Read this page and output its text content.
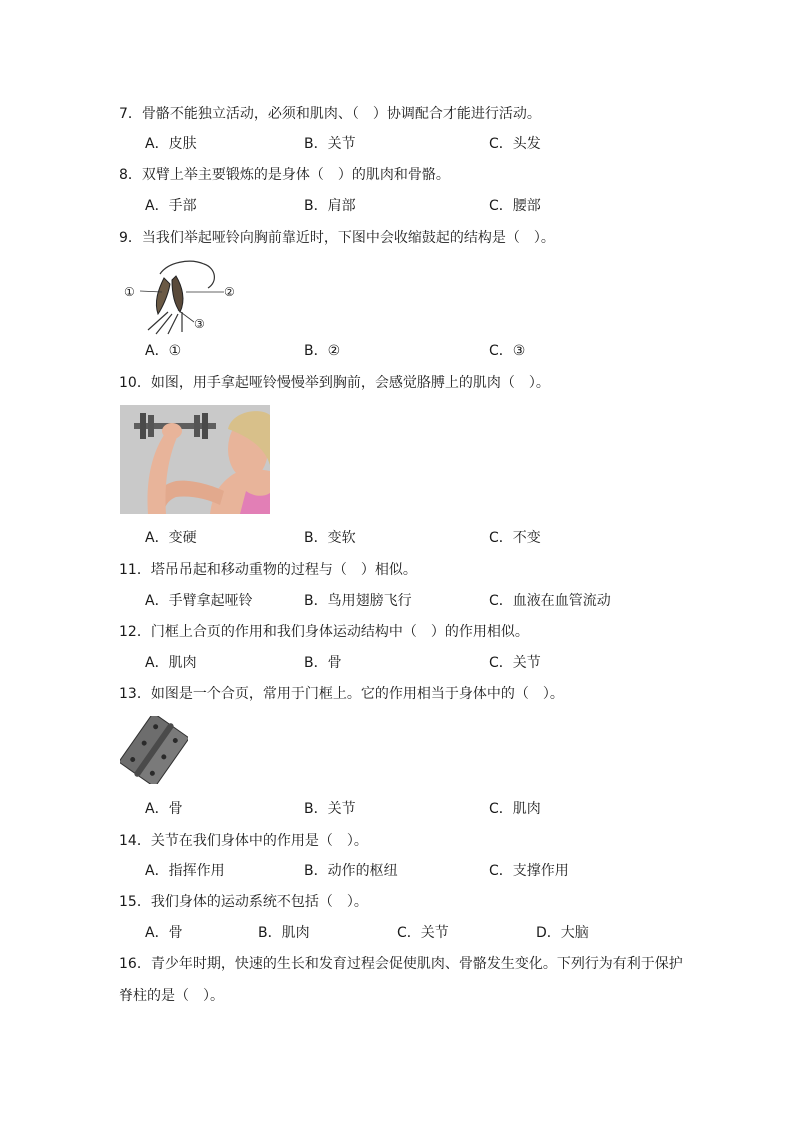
7．骨骼不能独立活动，必须和肌肉、（　）协调配合才能进行活动。
A．皮肤	B．关节	C．头发
8．双臂上举主要锻炼的是身体（　）的肌肉和骨骼。
A．手部	B．肩部	C．腰部
9．当我们举起哑铃向胸前靠近时，下图中会收缩鼓起的结构是（　）。
①	②
③
A．①	B．②	C．③
10．如图，用手拿起哑铃慢慢举到胸前，会感觉胳膊上的肌肉（　）。
A．变硬	B．变软	C．不变
11．塔吊吊起和移动重物的过程与（　）相似。
A．手臂拿起哑铃	B．鸟用翅膀飞行	C．血液在血管流动
12．门框上合页的作用和我们身体运动结构中（　）的作用相似。
A．肌肉	B．骨	C．关节
13．如图是一个合页，常用于门框上。它的作用相当于身体中的（　）。
A．骨	B．关节	C．肌肉
14．关节在我们身体中的作用是（　）。
A．指挥作用	B．动作的枢纽	C．支撑作用
15．我们身体的运动系统不包括（　）。
A．骨	B．肌肉	C．关节	D．大脑
16．青少年时期，快速的生长和发育过程会促使肌肉、骨骼发生变化。下列行为有利于保护
脊柱的是（　）。
